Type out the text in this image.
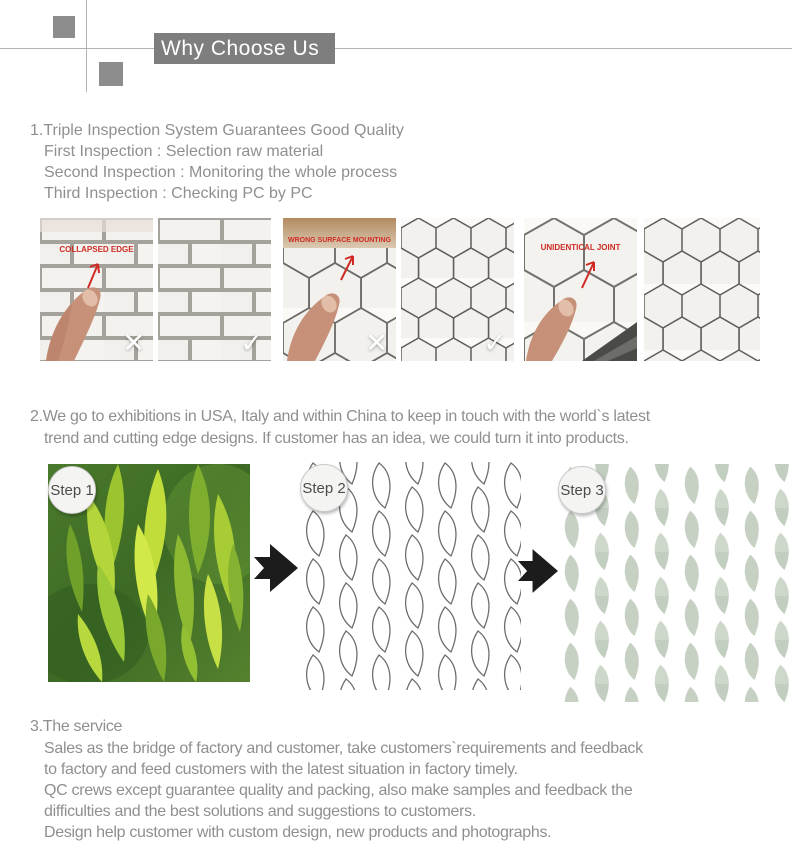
Why Choose Us
1.Triple Inspection System Guarantees Good Quality
First Inspection : Selection raw material
Second Inspection : Monitoring the whole process
Third Inspection : Checking PC by PC
COLLAPSED EDGE
✕	✓
WRONG SURFACE MOUNTING
✕	✓
UNIDENTICAL JOINT
2.We go to exhibitions in USA, Italy and within China to keep in touch with the world`s latest
trend and cutting edge designs. If customer has an idea, we could turn it into products.
Step 1	Step 2	Step 3
3.The service
Sales as the bridge of factory and customer, take customers`requirements and feedback
to factory and feed customers with the latest situation in factory timely.
QC crews except guarantee quality and packing, also make samples and feedback the
difficulties and the best solutions and suggestions to customers.
Design help customer with custom design, new products and photographs.
